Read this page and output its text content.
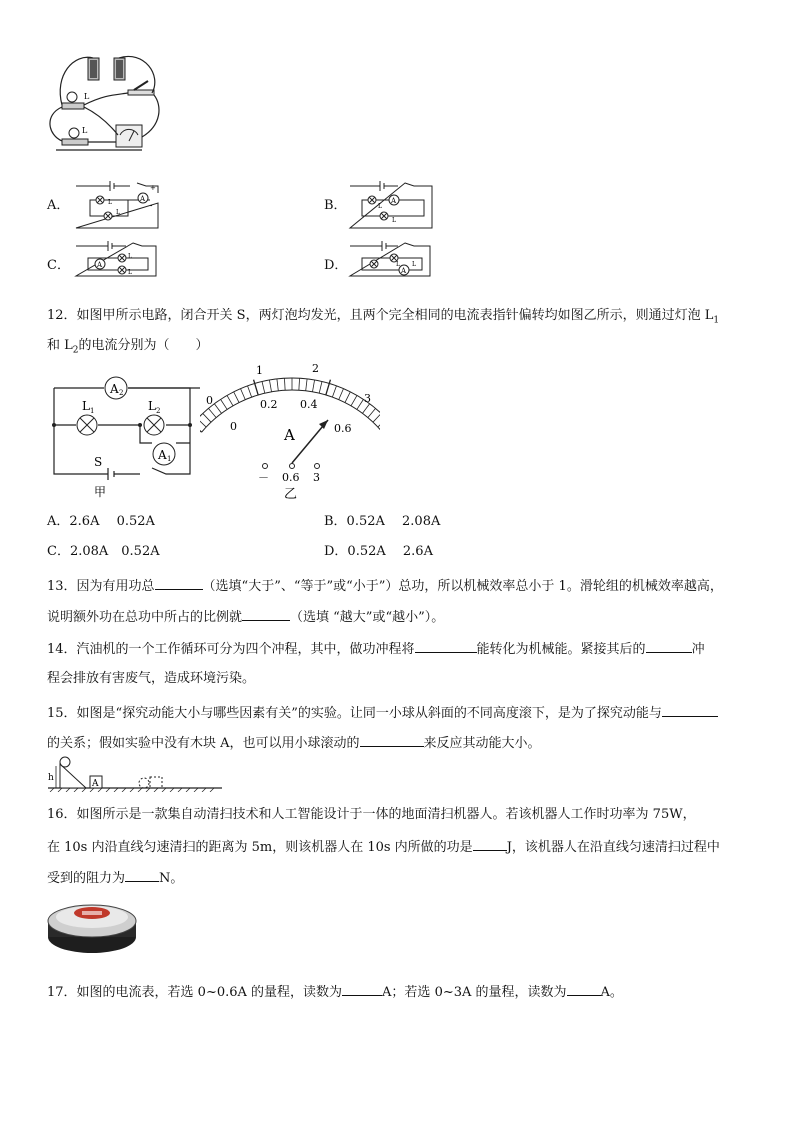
L
L
A．	A
+
-
L
L	B．	A
L
L
C．	A
L
L	D．	A
L L
12．如图甲所示电路，闭合开关 S，两灯泡均发光，且两个完全相同的电流表指针偏转均如图乙所示，则通过灯泡 $L_1$
和 $L_2$的电流分别为（　　）
A 2
L 1	L 2
A 1
S
甲
0
1	2
3
0
0.2 0.4
0.6
A
－ 0.6 3
乙
A．2.6A　 0.52A	B．0.52A　 2.08A
C．2.08A　0.52A	D．0.52A　 2.6A
13．因为有用功总	（选填“大于”、“等于”或“小于”）总功，所以机械效率总小于 1。滑轮组的机械效率越高，
说明额外功在总功中所占的比例就	（选填 “越大”或“越小”）。
14．汽油机的一个工作循环可分为四个冲程，其中，做功冲程将	能转化为机械能。紧接其后的	冲
程会排放有害废气，造成环境污染。
15．如图是“探究动能大小与哪些因素有关”的实验。让同一小球从斜面的不同高度滚下，是为了探究动能与
的关系；假如实验中没有木块 A，也可以用小球滚动的	来反应其动能大小。
h
A
16．如图所示是一款集自动清扫技术和人工智能设计于一体的地面清扫机器人。若该机器人工作时功率为 75W，
在 10s 内沿直线匀速清扫的距离为 5m，则该机器人在 10s 内所做的功是	J，该机器人在沿直线匀速清扫过程中
受到的阻力为	N。
17．如图的电流表，若选 0~0.6A 的量程，读数为	A；若选 0~3A 的量程，读数为	A。
